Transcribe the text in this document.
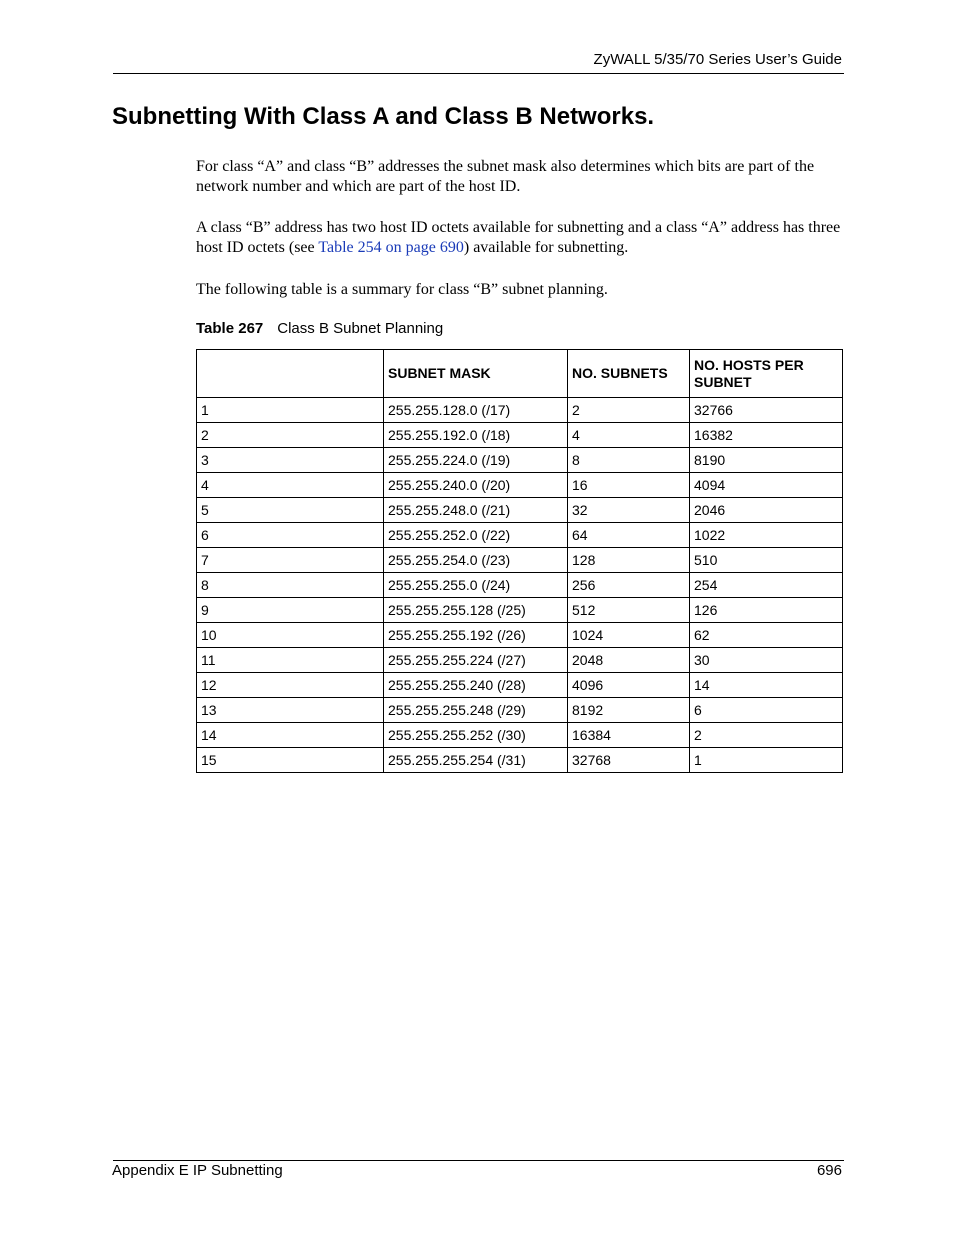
ZyWALL 5/35/70 Series User’s Guide
Subnetting With Class A and Class B Networks.

For class “A” and class “B” addresses the subnet mask also determines which bits are part of the network number and which are part of the host ID.

A class “B” address has two host ID octets available for subnetting and a class “A” address has three host ID octets (see Table 254 on page 690) available for subnetting.

The following table is a summary for class “B” subnet planning.

Table 267 Class B Subnet Planning
	SUBNET MASK	NO. SUBNETS	NO. HOSTS PER SUBNET
1	255.255.128.0 (/17)	2	32766
2	255.255.192.0 (/18)	4	16382
3	255.255.224.0 (/19)	8	8190
4	255.255.240.0 (/20)	16	4094
5	255.255.248.0 (/21)	32	2046
6	255.255.252.0 (/22)	64	1022
7	255.255.254.0 (/23)	128	510
8	255.255.255.0 (/24)	256	254
9	255.255.255.128 (/25)	512	126
10	255.255.255.192 (/26)	1024	62
11	255.255.255.224 (/27)	2048	30
12	255.255.255.240 (/28)	4096	14
13	255.255.255.248 (/29)	8192	6
14	255.255.255.252 (/30)	16384	2
15	255.255.255.254 (/31)	32768	1
Appendix E IP Subnetting	696
